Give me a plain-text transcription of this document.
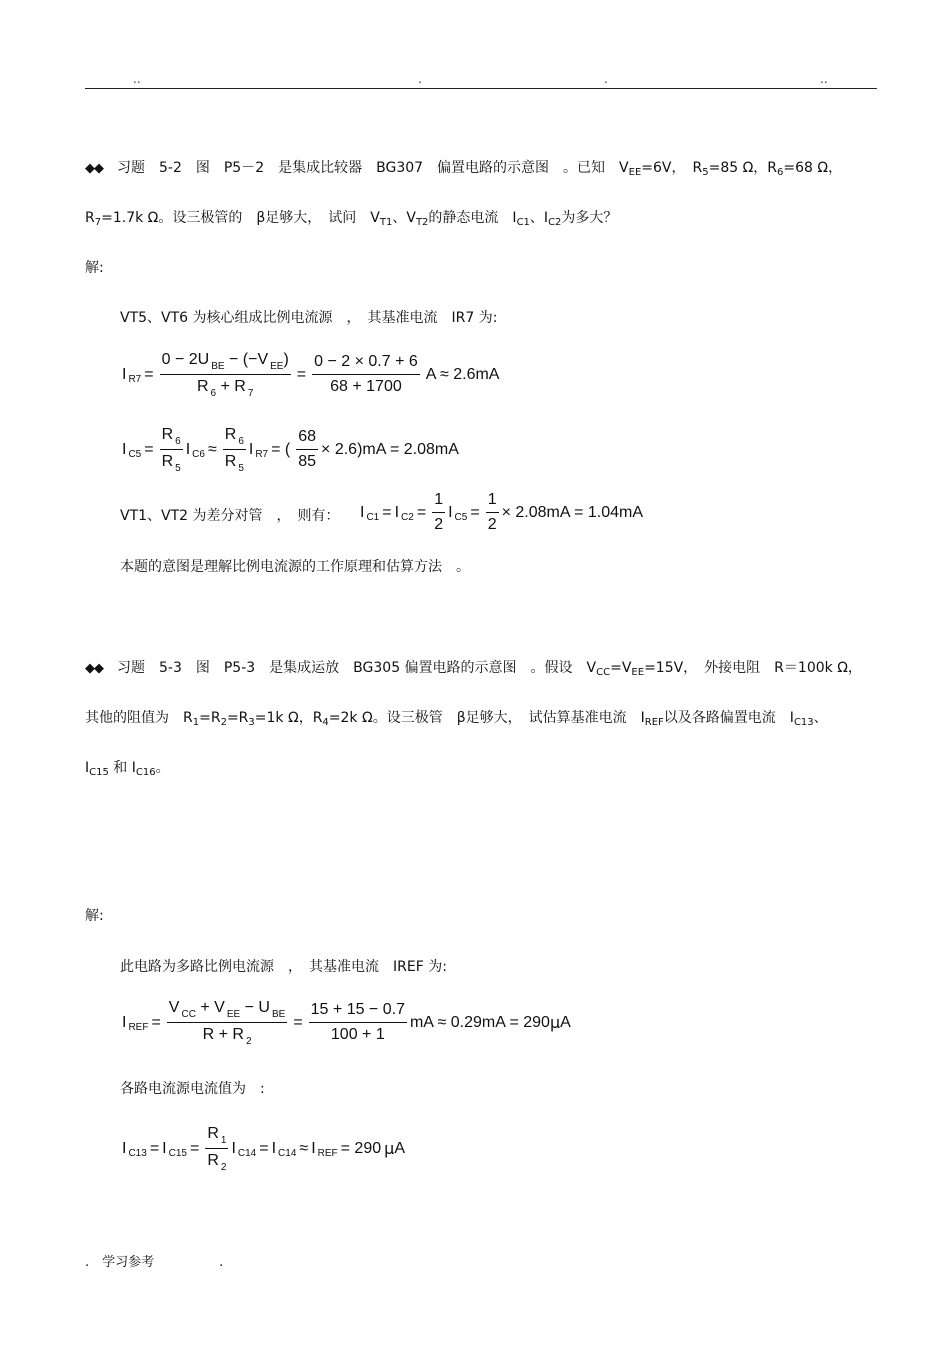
..	.	.	..
◆◆ 习题　5-2　图　P5－2　是集成比较器　BG307　偏置电路的示意图　。已知　$V_{EE}=6V$，　$R_5=85$ Ω，$R_6=68$ Ω，
$R_7=1.7k$ Ω。设三极管的　β足够大，　试问　$V_{T1}$、$V_{T2}$的静态电流　$I_{C1}$、$I_{C2}$为多大？
解:
VT5、VT6 为核心组成比例电流源　，　其基准电流　IR7 为:
I $R7 = \frac{0 - 2U _{BE} - (-V _{EE})}{R _6 + R _7} = \frac{0 - 2 \times 0.7 + 6}{68 + 1700}$ A ≈ 2.6mA
I $C5 = \frac{R _6}{R _5}$ I $C6 \approx \frac{R _6}{R _5}$ I R7 = ( $\frac{68}{85} \times 2.6)mA = 2.08mA$
VT1、VT2 为差分对管　，　则有： I C1 = I $C2 = \frac{1}{2}$ I $C5 = \frac{1}{2} \times 2.08mA = 1.04mA$
本题的意图是理解比例电流源的工作原理和估算方法　。
◆◆ 习题　5-3　图　P5-3　是集成运放　BG305 偏置电路的示意图　。假设　$V_{CC}=V_{EE}=15V$，　外接电阻　R＝100k Ω，
其他的阻值为　$R_1=R_2=R_3=1k$ Ω，$R_4=2k$ Ω。设三极管　β足够大，　试估算基准电流　$I_{REF}$以及各路偏置电流　$I_{C13}$、
$I_{C15}$ 和 $I_{C16}$。
解:
此电路为多路比例电流源　，　其基准电流　IREF 为:
I REF = $\frac{V _{CC} + V _{EE} - U _{BE}}{R + R _2} = \frac{15 + 15 - 0.7}{100 + 1}$ mA ≈ 0.29mA = 290 μ A
各路电流源电流值为　:
I C13 = I $C15 = \frac{R _1}{R _2}$ I C14 = I C14 ≈ I REF = 290 μ A
.　学习参考　　　　　.
